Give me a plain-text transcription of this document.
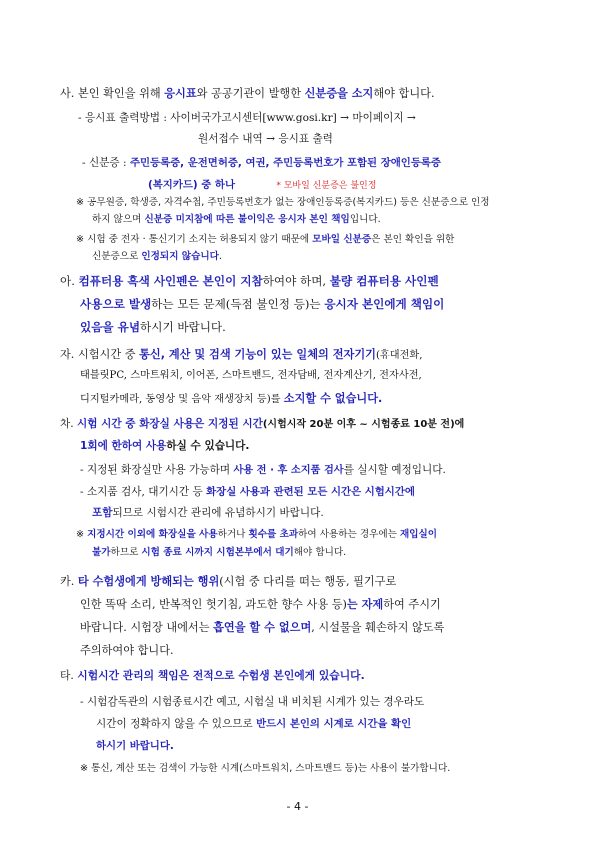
사. 본인 확인을 위해 응시표와 공공기관이 발행한 신분증을 소지해야 합니다.
- 응시표 출력방법 : 사이버국가고시센터[www.gosi.kr] → 마이페이지 →
원서접수 내역 → 응시표 출력
- 신분증 : 주민등록증, 운전면허증, 여권, 주민등록번호가 포함된 장애인등록증
(복지카드) 중 하나	* 모바일 신분증은 불인정
※ 공무원증, 학생증, 자격수첩, 주민등록번호가 없는 장애인등록증(복지카드) 등은 신분증으로 인정
하지 않으며 신분증 미지참에 따른 불이익은 응시자 본인 책임입니다.
※ 시험 중 전자 · 통신기기 소지는 허용되지 않기 때문에 모바일 신분증은 본인 확인을 위한
신분증으로 인정되지 않습니다.
아. 컴퓨터용 흑색 사인펜은 본인이 지참하여야 하며, 불량 컴퓨터용 사인펜
사용으로 발생하는 모든 문제(득점 불인정 등)는 응시자 본인에게 책임이
있음을 유념하시기 바랍니다.
자. 시험시간 중 통신, 계산 및 검색 기능이 있는 일체의 전자기기(휴대전화,
태블릿PC, 스마트워치, 이어폰, 스마트밴드, 전자담배, 전자계산기, 전자사전,
디지털카메라, 동영상 및 음악 재생장치 등)를 소지할 수 없습니다.
차. 시험 시간 중 화장실 사용은 지정된 시간(시험시작 20분 이후 ~ 시험종료 10분 전)에
1회에 한하여 사용하실 수 있습니다.
- 지정된 화장실만 사용 가능하며 사용 전 · 후 소지품 검사를 실시할 예정입니다.
- 소지품 검사, 대기시간 등 화장실 사용과 관련된 모든 시간은 시험시간에
포함되므로 시험시간 관리에 유념하시기 바랍니다.
※ 지정시간 이외에 화장실을 사용하거나 횟수를 초과하여 사용하는 경우에는 재입실이
불가하므로 시험 종료 시까지 시험본부에서 대기해야 합니다.
카. 타 수험생에게 방해되는 행위(시험 중 다리를 떠는 행동, 필기구로
인한 똑딱 소리, 반복적인 헛기침, 과도한 향수 사용 등)는 자제하여 주시기
바랍니다. 시험장 내에서는 흡연을 할 수 없으며, 시설물을 훼손하지 않도록
주의하여야 합니다.
타. 시험시간 관리의 책임은 전적으로 수험생 본인에게 있습니다.
- 시험감독관의 시험종료시간 예고, 시험실 내 비치된 시계가 있는 경우라도
시간이 정확하지 않을 수 있으므로 반드시 본인의 시계로 시간을 확인
하시기 바랍니다.
※ 통신, 계산 또는 검색이 가능한 시계(스마트워치, 스마트밴드 등)는 사용이 불가합니다.
- 4 -
